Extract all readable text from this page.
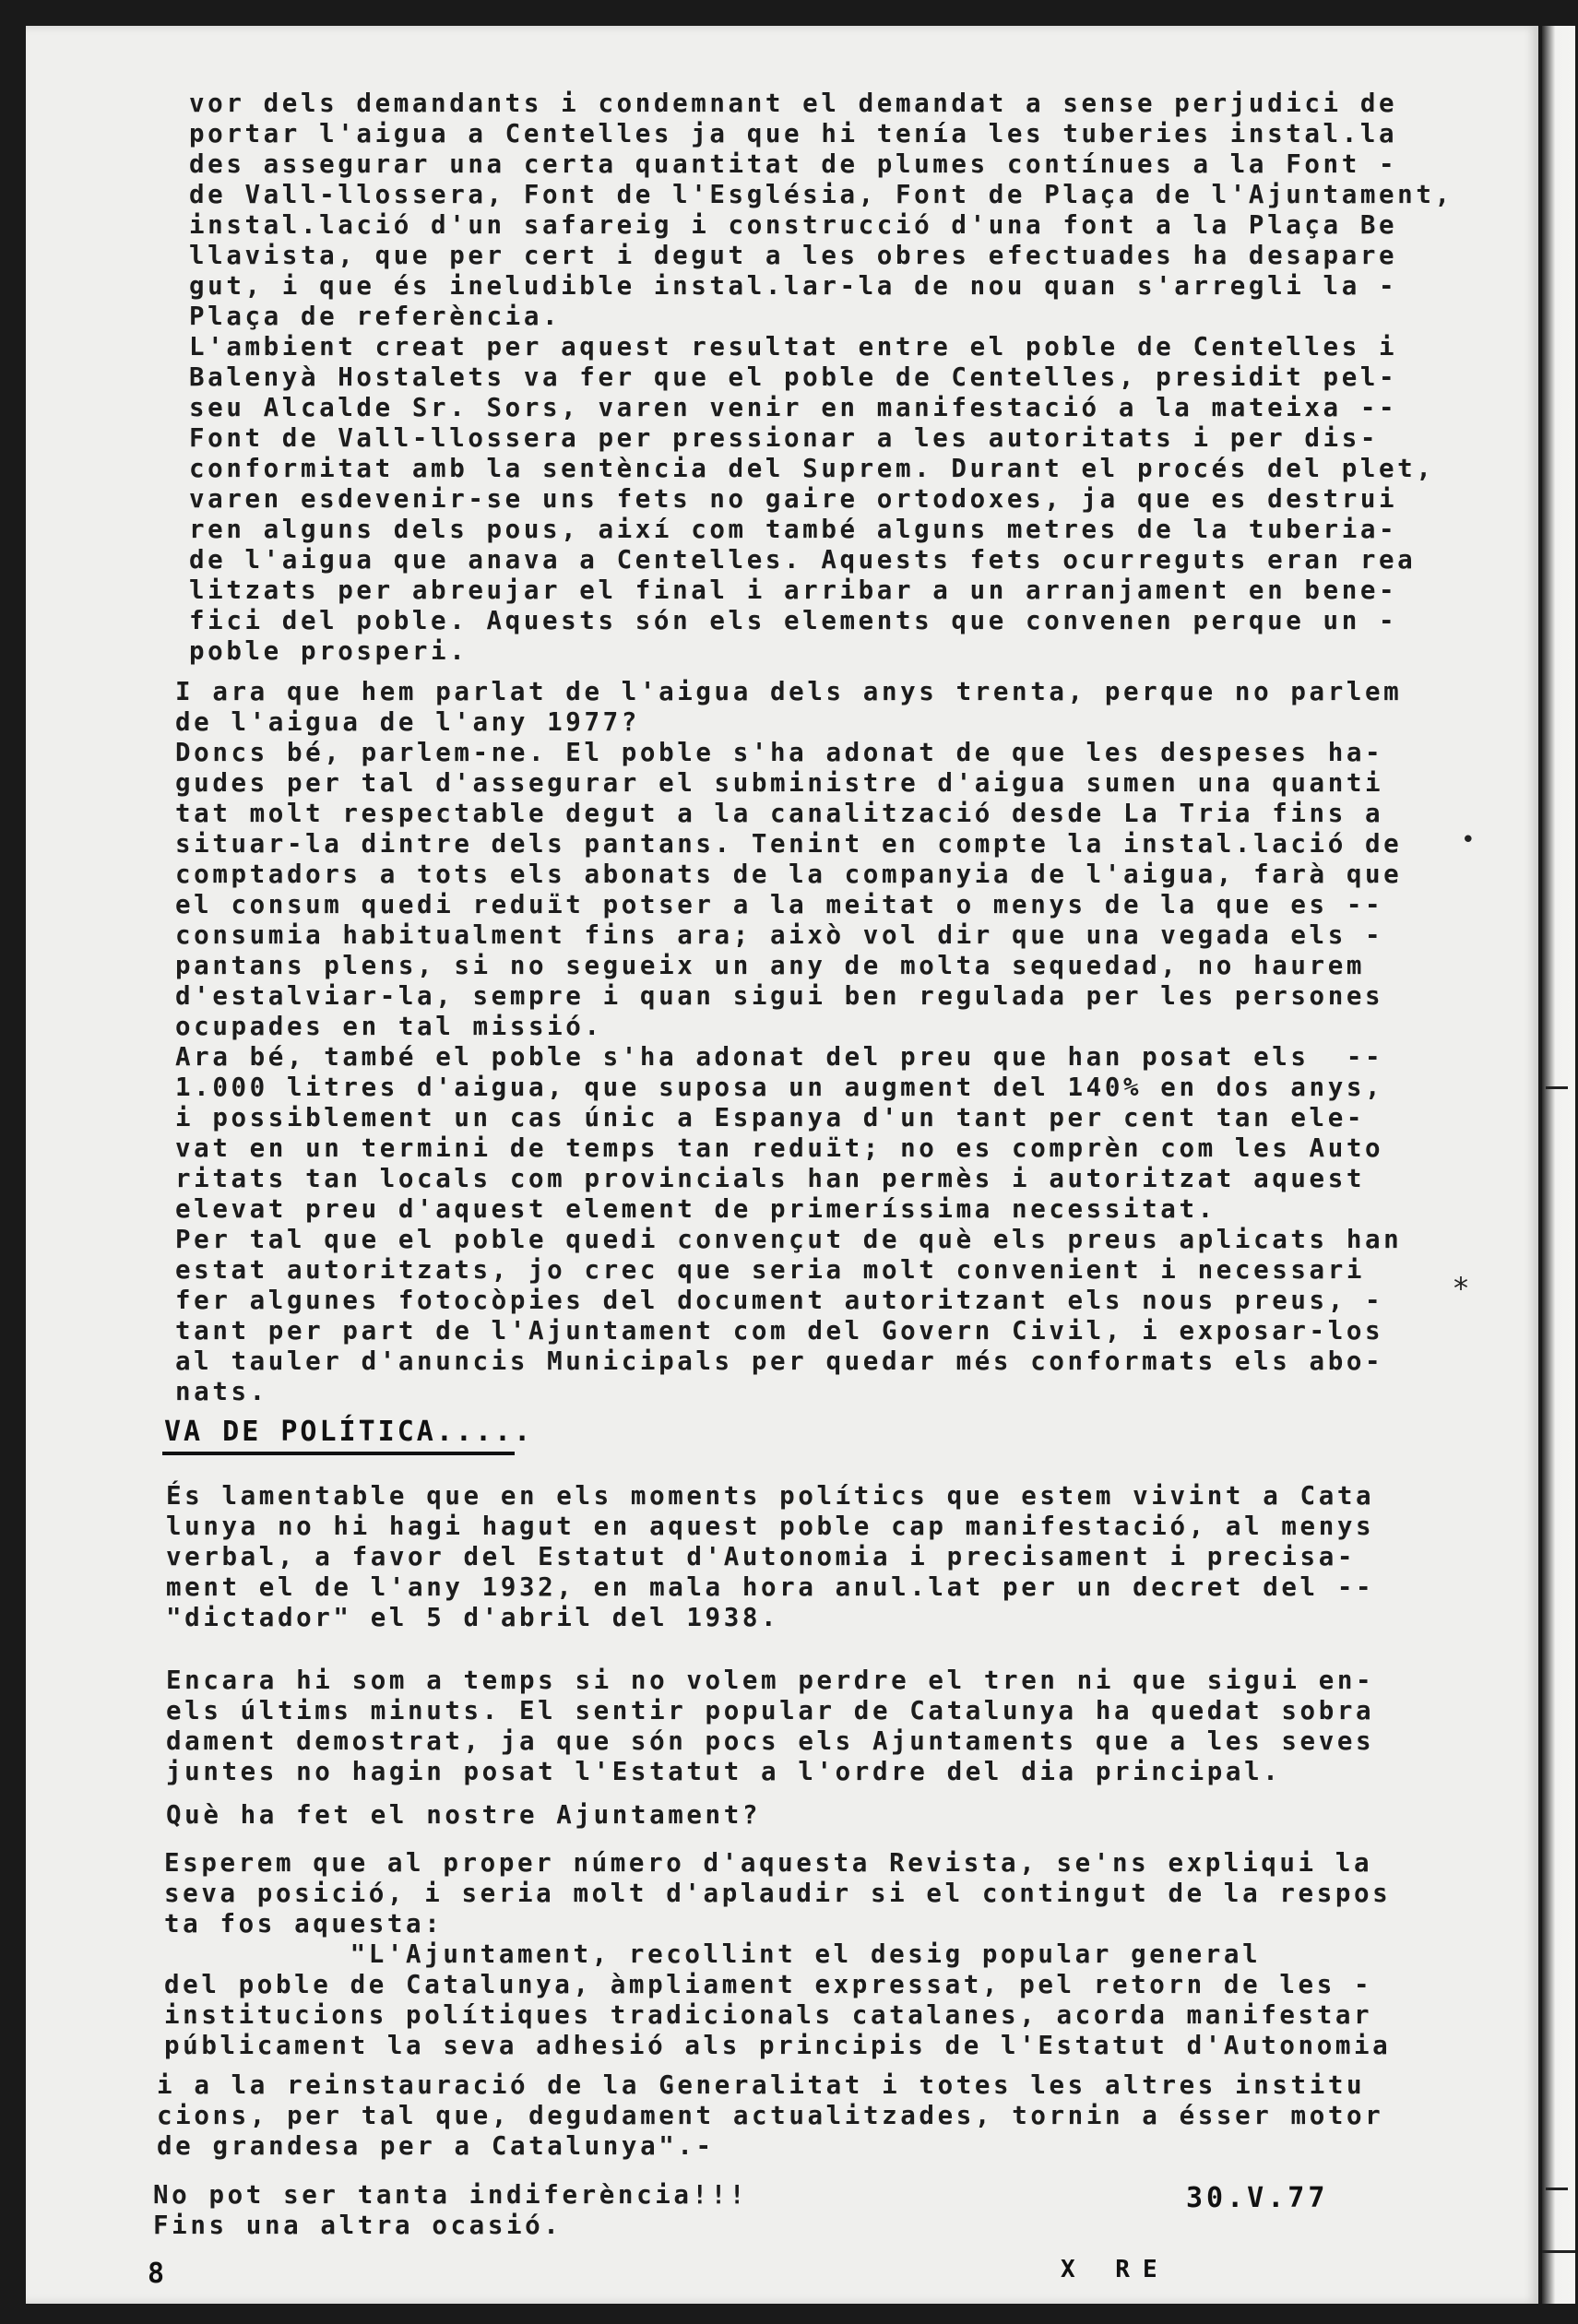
vor dels demandants i condemnant el demandat a sense perjudici de
portar l'aigua a Centelles ja que hi tenía les tuberies instal.la
des assegurar una certa quantitat de plumes contínues a la Font -
de Vall-llossera, Font de l'Església, Font de Plaça de l'Ajuntament,
instal.lació d'un safareig i construcció d'una font a la Plaça Be
llavista, que per cert i degut a les obres efectuades ha desapare
gut, i que és ineludible instal.lar-la de nou quan s'arregli la -
Plaça de referència.
L'ambient creat per aquest resultat entre el poble de Centelles i
Balenyà Hostalets va fer que el poble de Centelles, presidit pel-
seu Alcalde Sr. Sors, varen venir en manifestació a la mateixa --
Font de Vall-llossera per pressionar a les autoritats i per dis-
conformitat amb la sentència del Suprem. Durant el procés del plet,
varen esdevenir-se uns fets no gaire ortodoxes, ja que es destrui
ren alguns dels pous, així com també alguns metres de la tuberia-
de l'aigua que anava a Centelles. Aquests fets ocurreguts eran rea
litzats per abreujar el final i arribar a un arranjament en bene-
fici del poble. Aquests són els elements que convenen perque un -
poble prosperi.
I ara que hem parlat de l'aigua dels anys trenta, perque no parlem
de l'aigua de l'any 1977?
Doncs bé, parlem-ne. El poble s'ha adonat de que les despeses ha-
gudes per tal d'assegurar el subministre d'aigua sumen una quanti
tat molt respectable degut a la canalització desde La Tria fins a
situar-la dintre dels pantans. Tenint en compte la instal.lació de
comptadors a tots els abonats de la companyia de l'aigua, farà que
el consum quedi reduït potser a la meitat o menys de la que es --
consumia habitualment fins ara; això vol dir que una vegada els -
pantans plens, si no segueix un any de molta sequedad, no haurem
d'estalviar-la, sempre i quan sigui ben regulada per les persones
ocupades en tal missió.
Ara bé, també el poble s'ha adonat del preu que han posat els  --
1.000 litres d'aigua, que suposa un augment del 140% en dos anys,
i possiblement un cas únic a Espanya d'un tant per cent tan ele-
vat en un termini de temps tan reduït; no es comprèn com les Auto
ritats tan locals com provincials han permès i autoritzat aquest
elevat preu d'aquest element de primeríssima necessitat.
Per tal que el poble quedi convençut de què els preus aplicats han
estat autoritzats, jo crec que seria molt convenient i necessari
fer algunes fotocòpies del document autoritzant els nous preus, -
tant per part de l'Ajuntament com del Govern Civil, i exposar-los
al tauler d'anuncis Municipals per quedar més conformats els abo-
nats.
És lamentable que en els moments polítics que estem vivint a Cata
lunya no hi hagi hagut en aquest poble cap manifestació, al menys
verbal, a favor del Estatut d'Autonomia i precisament i precisa-
ment el de l'any 1932, en mala hora anul.lat per un decret del --
"dictador" el 5 d'abril del 1938.
Encara hi som a temps si no volem perdre el tren ni que sigui en-
els últims minuts. El sentir popular de Catalunya ha quedat sobra
dament demostrat, ja que són pocs els Ajuntaments que a les seves
juntes no hagin posat l'Estatut a l'ordre del dia principal.
Què ha fet el nostre Ajuntament?
Esperem que al proper número d'aquesta Revista, se'ns expliqui la
seva posició, i seria molt d'aplaudir si el contingut de la respos
ta fos aquesta:
"L'Ajuntament, recollint el desig popular general
del poble de Catalunya, àmpliament expressat, pel retorn de les -
institucions polítiques tradicionals catalanes, acorda manifestar
públicament la seva adhesió als principis de l'Estatut d'Autonomia
i a la reinstauració de la Generalitat i totes les altres institu
cions, per tal que, degudament actualitzades, tornin a ésser motor
de grandesa per a Catalunya".-
No pot ser tanta indiferència!!!
Fins una altra ocasió.
VA DE POLÍTICA.....
30.V.77
8	X RE
•
⁎
